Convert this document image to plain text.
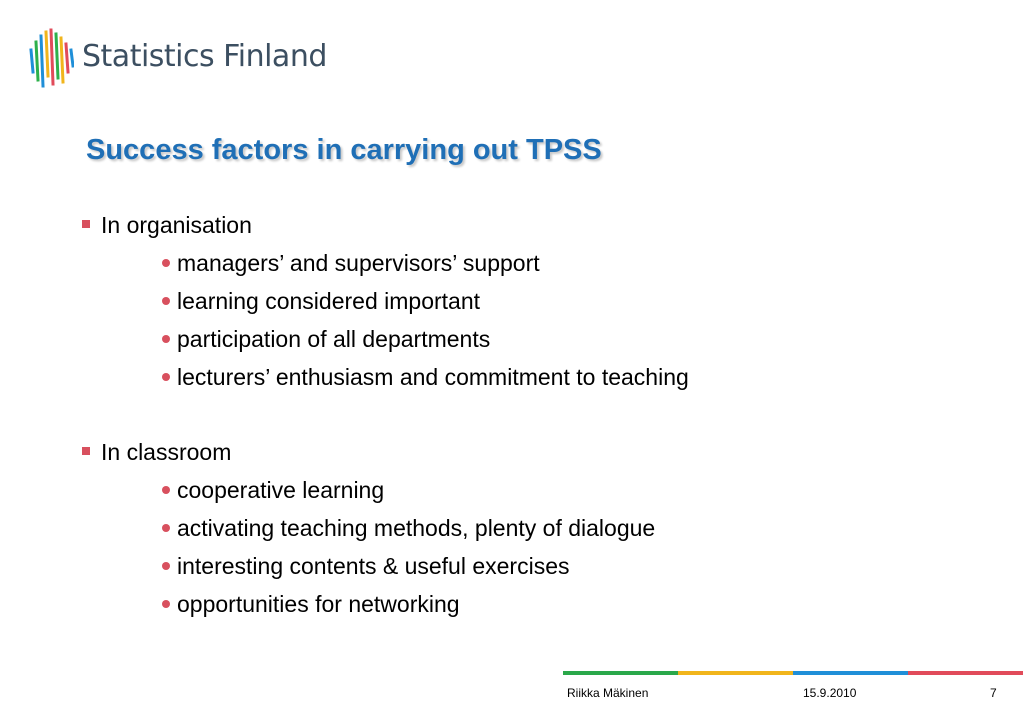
Statistics Finland
Success factors in carrying out TPSS
In organisation
managers’ and supervisors’ support
learning considered important
participation of all departments
lecturers’ enthusiasm and commitment to teaching
In classroom
cooperative learning
activating teaching methods, plenty of dialogue
interesting contents & useful exercises
opportunities for networking
Riikka Mäkinen	15.9.2010	7
